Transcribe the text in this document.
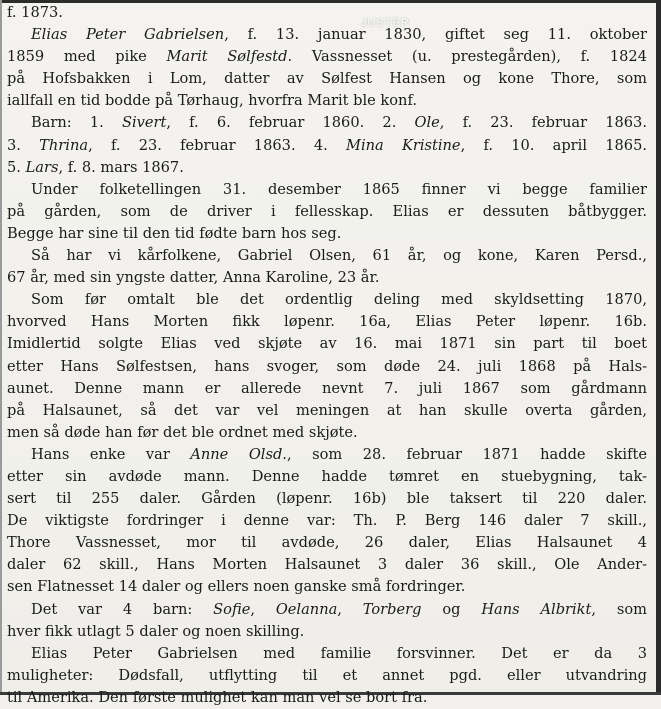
JUSTER
f. 1873.
Elias Peter Gabrielsen, f. 13. januar 1830, giftet seg 11. oktober
1859 med pike Marit Sølfestd. Vassnesset (u. prestegården), f. 1824
på Hofsbakken i Lom, datter av Sølfest Hansen og kone Thore, som
iallfall en tid bodde på Tørhaug, hvorfra Marit ble konf.
Barn: 1. Sivert, f. 6. februar 1860. 2. Ole, f. 23. februar 1863.
3. Thrina, f. 23. februar 1863. 4. Mina Kristine, f. 10. april 1865.
5. Lars, f. 8. mars 1867.
Under folketellingen 31. desember 1865 finner vi begge familier
på gården, som de driver i fellesskap. Elias er dessuten båtbygger.
Begge har sine til den tid fødte barn hos seg.
Så har vi kårfolkene, Gabriel Olsen, 61 år, og kone, Karen Persd.,
67 år, med sin yngste datter, Anna Karoline, 23 år.
Som før omtalt ble det ordentlig deling med skyldsetting 1870,
hvorved Hans Morten fikk løpenr. 16a, Elias Peter løpenr. 16b.
Imidlertid solgte Elias ved skjøte av 16. mai 1871 sin part til boet
etter Hans Sølfestsen, hans svoger, som døde 24. juli 1868 på Hals-
aunet. Denne mann er allerede nevnt 7. juli 1867 som gårdmann
på Halsaunet, så det var vel meningen at han skulle overta gården,
men så døde han før det ble ordnet med skjøte.
Hans enke var Anne Olsd., som 28. februar 1871 hadde skifte
etter sin avdøde mann. Denne hadde tømret en stuebygning, tak-
sert til 255 daler. Gården (løpenr. 16b) ble taksert til 220 daler.
De viktigste fordringer i denne var: Th. P. Berg 146 daler 7 skill.,
Thore Vassnesset, mor til avdøde, 26 daler, Elias Halsaunet 4
daler 62 skill., Hans Morten Halsaunet 3 daler 36 skill., Ole Ander-
sen Flatnesset 14 daler og ellers noen ganske små fordringer.
Det var 4 barn: Sofie, Oelanna, Torberg og Hans Albrikt, som
hver fikk utlagt 5 daler og noen skilling.
Elias Peter Gabrielsen med familie forsvinner. Det er da 3
muligheter: Dødsfall, utflytting til et annet pgd. eller utvandring
til Amerika. Den første mulighet kan man vel se bort fra.
